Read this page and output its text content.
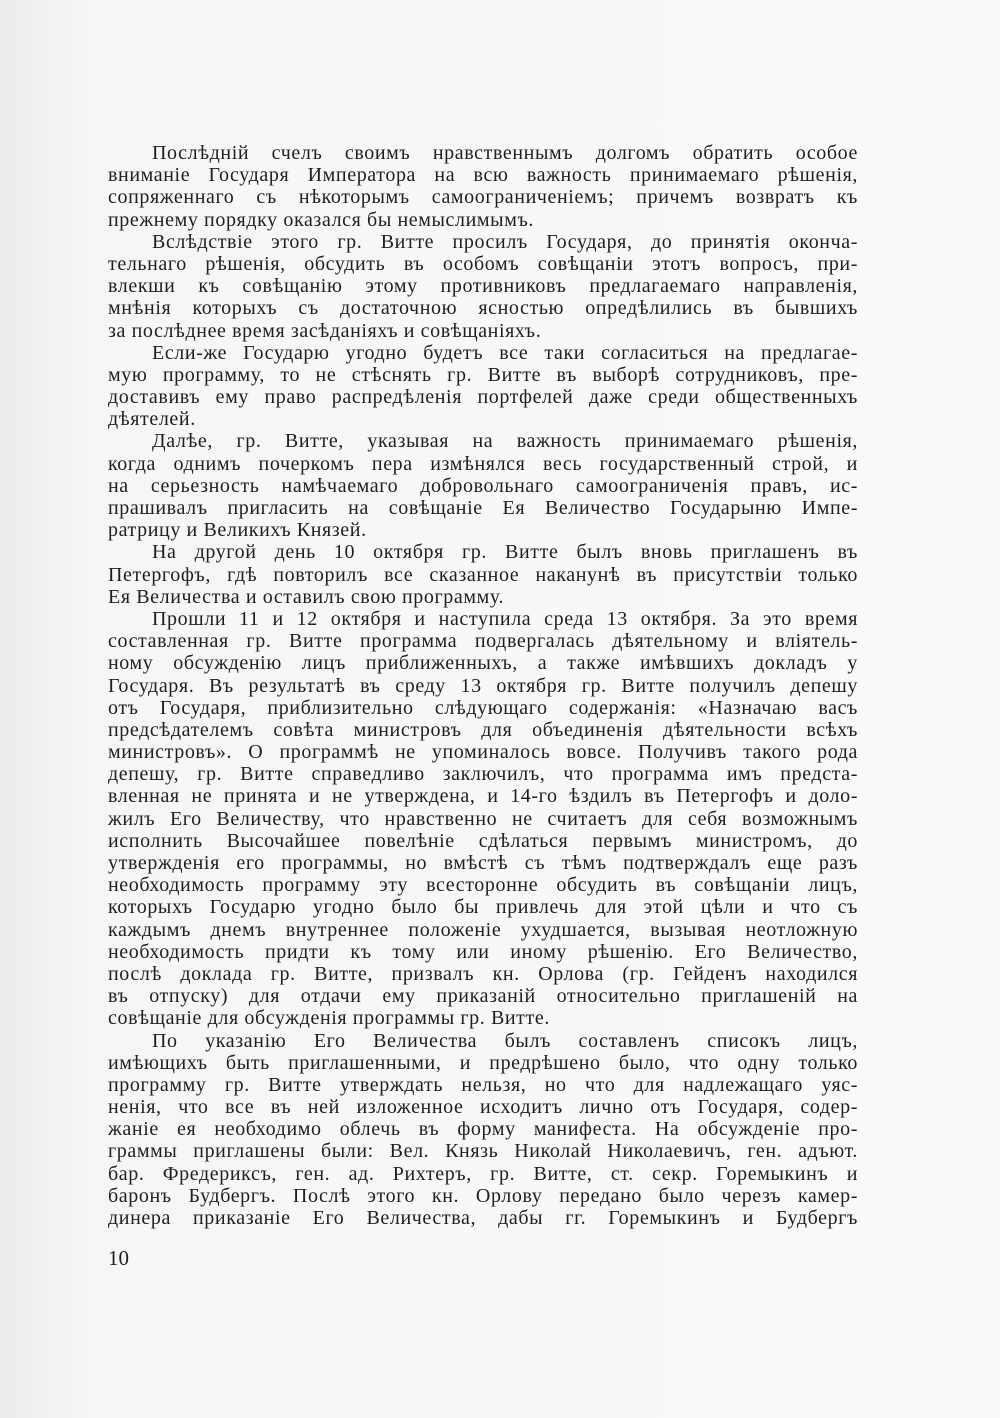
Послѣдній счелъ своимъ нравственнымъ долгомъ обратить особое
вниманіе Государя Императора на всю важность принимаемаго рѣшенія,
сопряженнаго съ нѣкоторымъ самоограниченіемъ; причемъ возвратъ къ
прежнему порядку оказался бы немыслимымъ.
Вслѣдствіе этого гр. Витте просилъ Государя, до принятія оконча-
тельнаго рѣшенія, обсудить въ особомъ совѣщаніи этотъ вопросъ, при-
влекши къ совѣщанію этому противниковъ предлагаемаго направленія,
мнѣнія которыхъ съ достаточною ясностью опредѣлились въ бывшихъ
за послѣднее время засѣданіяхъ и совѣщаніяхъ.
Если-же Государю угодно будетъ все таки согласиться на предлагае-
мую программу, то не стѣснять гр. Витте въ выборѣ сотрудниковъ, пре-
доставивъ ему право распредѣленія портфелей даже среди общественныхъ
дѣятелей.
Далѣе, гр. Витте, указывая на важность принимаемаго рѣшенія,
когда однимъ почеркомъ пера измѣнялся весь государственный строй, и
на серьезность намѣчаемаго добровольнаго самоограниченія правъ, ис-
прашивалъ пригласить на совѣщаніе Ея Величество Государыню Импе-
ратрицу и Великихъ Князей.
На другой день 10 октября гр. Витте былъ вновь приглашенъ въ
Петергофъ, гдѣ повторилъ все сказанное наканунѣ въ присутствіи только
Ея Величества и оставилъ свою программу.
Прошли 11 и 12 октября и наступила среда 13 октября. За это время
составленная гр. Витте программа подвергалась дѣятельному и вліятель-
ному обсужденію лицъ приближенныхъ, а также имѣвшихъ докладъ у
Государя. Въ результатѣ въ среду 13 октября гр. Витте получилъ депешу
отъ Государя, приблизительно слѣдующаго содержанія: «Назначаю васъ
предсѣдателемъ совѣта министровъ для объединенія дѣятельности всѣхъ
министровъ». О программѣ не упоминалось вовсе. Получивъ такого рода
депешу, гр. Витте справедливо заключилъ, что программа имъ предста-
вленная не принята и не утверждена, и 14-го ѣздилъ въ Петергофъ и доло-
жилъ Его Величеству, что нравственно не считаетъ для себя возможнымъ
исполнить Высочайшее повелѣніе сдѣлаться первымъ министромъ, до
утвержденія его программы, но вмѣстѣ съ тѣмъ подтверждалъ еще разъ
необходимость программу эту всесторонне обсудить въ совѣщаніи лицъ,
которыхъ Государю угодно было бы привлечь для этой цѣли и что съ
каждымъ днемъ внутреннее положеніе ухудшается, вызывая неотложную
необходимость придти къ тому или иному рѣшенію. Его Величество,
послѣ доклада гр. Витте, призвалъ кн. Орлова (гр. Гейденъ находился
въ отпуску) для отдачи ему приказаній относительно приглашеній на
совѣщаніе для обсужденія программы гр. Витте.
По указанію Его Величества былъ составленъ списокъ лицъ,
имѣющихъ быть приглашенными, и предрѣшено было, что одну только
программу гр. Витте утверждать нельзя, но что для надлежащаго уяс-
ненія, что все въ ней изложенное исходитъ лично отъ Государя, содер-
жаніе ея необходимо облечь въ форму манифеста. На обсужденіе про-
граммы приглашены были: Вел. Князь Николай Николаевичъ, ген. адъют.
бар. Фредериксъ, ген. ад. Рихтеръ, гр. Витте, ст. секр. Горемыкинъ и
баронъ Будбергъ. Послѣ этого кн. Орлову передано было черезъ камер-
динера приказаніе Его Величества, дабы гг. Горемыкинъ и Будбергъ
10
